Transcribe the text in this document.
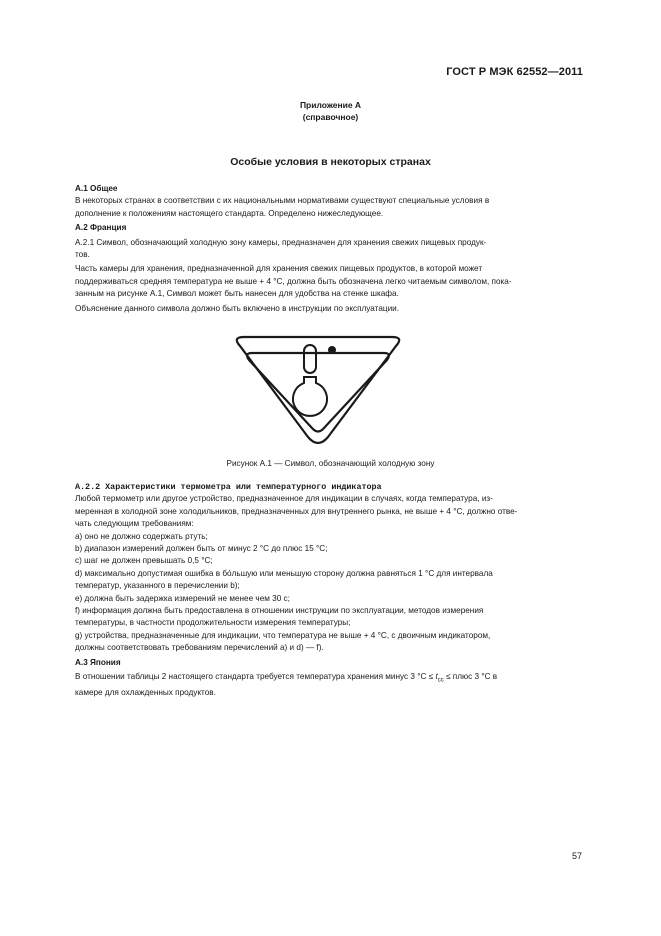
ГОСТ Р МЭК 62552—2011
Приложение А
(справочное)
Особые условия в некоторых странах
А.1 Общее
В некоторых странах в соответствии с их национальными нормативами существуют специальные условия в
дополнение к положениям настоящего стандарта. Определено нижеследующее.
А.2 Франция
А.2.1 Символ, обозначающий холодную зону камеры, предназначен для хранения свежих пищевых продук-
тов.
Часть камеры для хранения, предназначенной для хранения свежих пищевых продуктов, в которой может
поддерживаться средняя температура не выше + 4 °С, должна быть обозначена легко читаемым символом, пока-
занным на рисунке А.1, Символ может быть нанесен для удобства на стенке шкафа.
Объяснение данного символа должно быть включено в инструкции по эксплуатации.
Рисунок А.1 — Символ, обозначающий холодную зону
А.2.2 Характеристики термометра или температурного индикатора
Любой термометр или другое устройство, предназначенное для индикации в случаях, когда температура, из-
меренная в холодной зоне холодильников, предназначенных для внутреннего рынка, не выше + 4 °С, должно отве-
чать следующим требованиям:
a) оно не должно содержать ртуть;
b) диапазон измерений должен быть от минус 2 °С до плюс 15 °С;
c) шаг не должен превышать 0,5 °С;
d) максимально допустимая ошибка в бо́льшую или меньшую сторону должна равняться 1 °С для интервала
температур, указанного в перечислении b);
e) должна быть задержка измерений не менее чем 30 с;
f) информация должна быть предоставлена в отношении инструкции по эксплуатации, методов измерения
температуры, в частности продолжительности измерения температуры;
g) устройства, предназначенные для индикации, что температура не выше + 4 °С, с двоичным индикатором,
должны соответствовать требованиям перечислений а) и d) — f).
А.3 Япония
В отношении таблицы 2 настоящего стандарта требуется температура хранения минус 3 $^\circ С \le t_{cc}$ ≤ плюс 3 °С в
камере для охлажденных продуктов.
57
